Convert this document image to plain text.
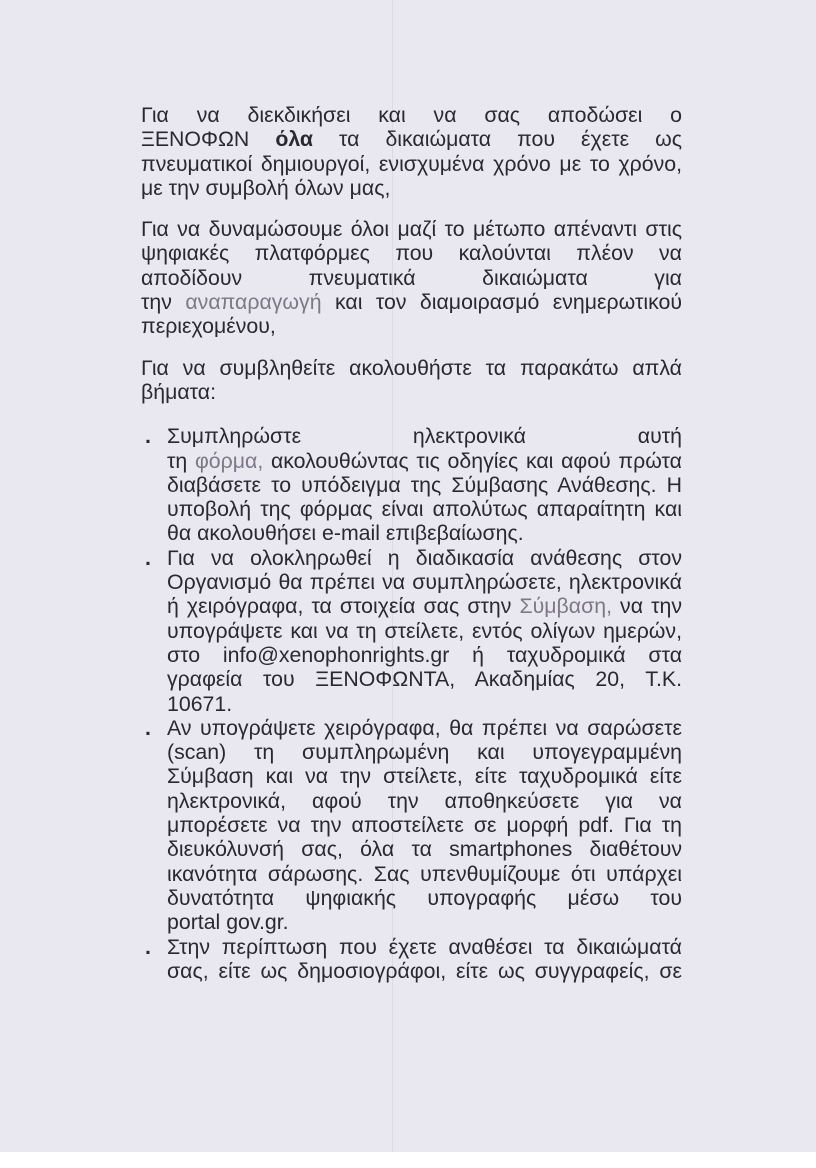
Για να διεκδικήσει και να σας αποδώσει ο
ΞΕΝΟΦΩΝ όλα τα δικαιώματα που έχετε ως
πνευματικοί δημιουργοί, ενισχυμένα χρόνο με το χρόνο,
με την συμβολή όλων μας,
Για να δυναμώσουμε όλοι μαζί το μέτωπο απέναντι στις
ψηφιακές πλατφόρμες που καλούνται πλέον να
αποδίδουν πνευματικά δικαιώματα για
την αναπαραγωγή και τον διαμοιρασμό ενημερωτικού
περιεχομένου,
Για να συμβληθείτε ακολουθήστε τα παρακάτω απλά
βήματα:
. Συμπληρώστε ηλεκτρονικά αυτή
τη φόρμα, ακολουθώντας τις οδηγίες και αφού πρώτα
διαβάσετε το υπόδειγμα της Σύμβασης Ανάθεσης. Η
υποβολή της φόρμας είναι απολύτως απαραίτητη και
θα ακολουθήσει e-mail επιβεβαίωσης.
. Για να ολοκληρωθεί η διαδικασία ανάθεσης στον
Οργανισμό θα πρέπει να συμπληρώσετε, ηλεκτρονικά
ή χειρόγραφα, τα στοιχεία σας στην Σύμβαση, να την
υπογράψετε και να τη στείλετε, εντός ολίγων ημερών,
στο info@xenophonrights.gr ή ταχυδρομικά στα
γραφεία του ΞΕΝΟΦΩΝΤΑ, Ακαδημίας 20, Τ.Κ.
10671.
. Αν υπογράψετε χειρόγραφα, θα πρέπει να σαρώσετε
(scan) τη συμπληρωμένη και υπογεγραμμένη
Σύμβαση και να την στείλετε, είτε ταχυδρομικά είτε
ηλεκτρονικά, αφού την αποθηκεύσετε για να
μπορέσετε να την αποστείλετε σε μορφή pdf. Για τη
διευκόλυνσή σας, όλα τα smartphones διαθέτουν
ικανότητα σάρωσης. Σας υπενθυμίζουμε ότι υπάρχει
δυνατότητα ψηφιακής υπογραφής μέσω του
portal gov.gr.
. Στην περίπτωση που έχετε αναθέσει τα δικαιώματά
σας, είτε ως δημοσιογράφοι, είτε ως συγγραφείς, σε
